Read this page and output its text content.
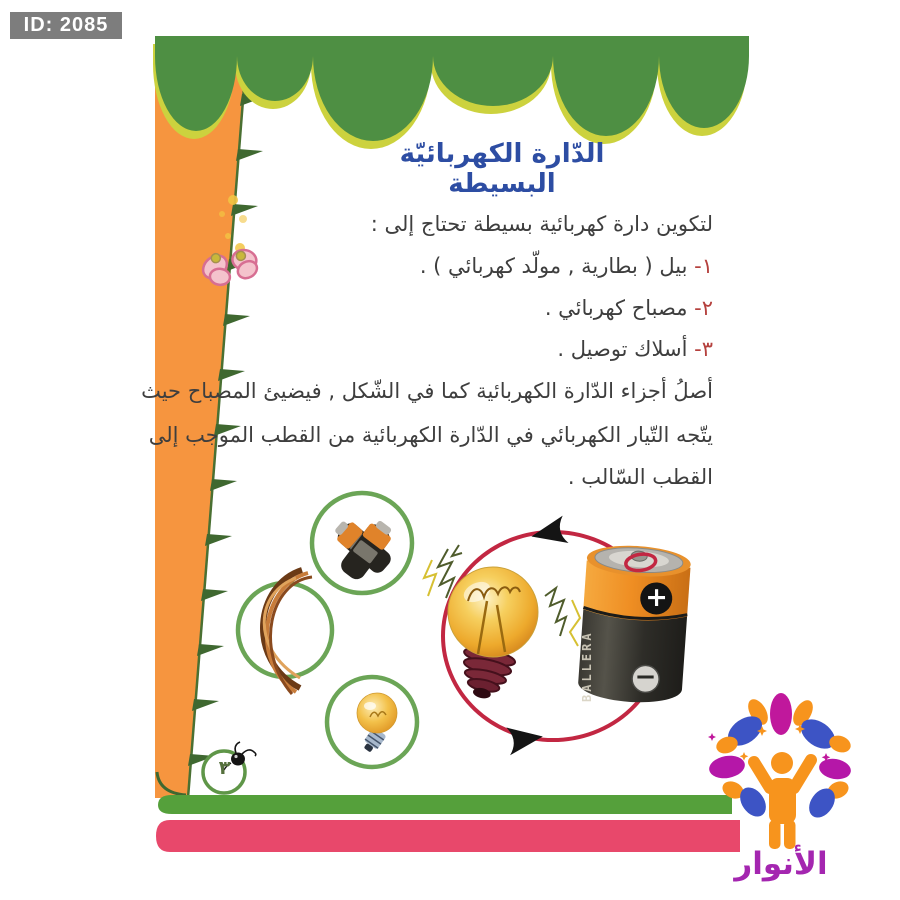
ID: 2085
الدّارة الكهربائيّة البسيطة
لتكوين دارة كهربائية بسيطة تحتاج إلى :
١- بيل ( بطارية , مولّد كهربائي ) .
٢- مصباح كهربائي .
٣- أسلاك توصيل .
أصلُ أجزاء الدّارة الكهربائية كما في الشّكل , فيضيئ المصباح حيث
يتّجه التّيار الكهربائي في الدّارة الكهربائية من القطب الموجب إلى
القطب السّالب .
٣
+
−
BALLERA
الأنوار
